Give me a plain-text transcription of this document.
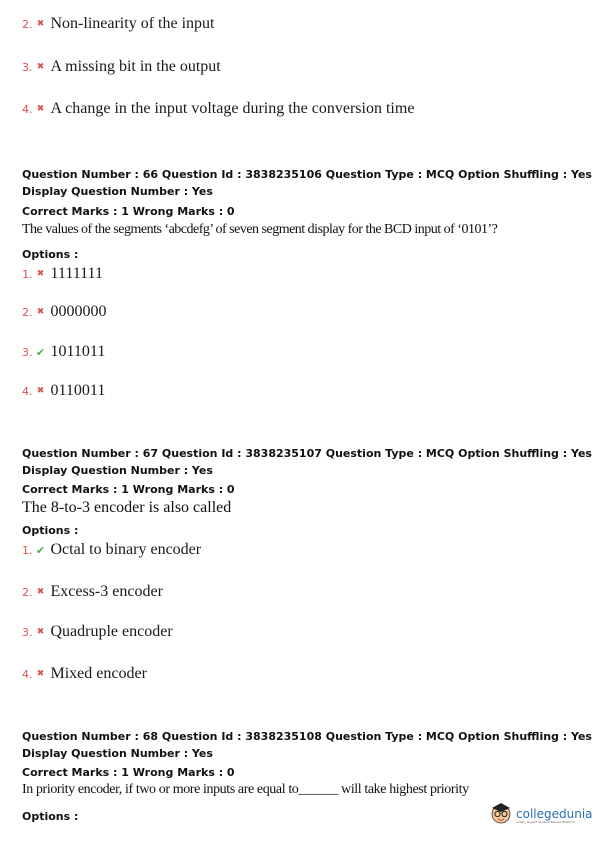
2. ✖ Non-linearity of the input
3. ✖ A missing bit in the output
4. ✖ A change in the input voltage during the conversion time
Question Number : 66 Question Id : 3838235106 Question Type : MCQ Option Shuffling : Yes
Display Question Number : Yes
Correct Marks : 1 Wrong Marks : 0
The values of the segments ‘abcdefg’ of seven segment display for the BCD input of ‘0101’?
Options :
1. ✖ 1111111
2. ✖ 0000000
3. ✔ 1011011
4. ✖ 0110011
Question Number : 67 Question Id : 3838235107 Question Type : MCQ Option Shuffling : Yes
Display Question Number : Yes
Correct Marks : 1 Wrong Marks : 0
The 8-to-3 encoder is also called
Options :
1. ✔ Octal to binary encoder
2. ✖ Excess-3 encoder
3. ✖ Quadruple encoder
4. ✖ Mixed encoder
Question Number : 68 Question Id : 3838235108 Question Type : MCQ Option Shuffling : Yes
Display Question Number : Yes
Correct Marks : 1 Wrong Marks : 0
In priority encoder, if two or more inputs are equal to______ will take highest priority
Options :	collegedunia
India's largest Student Review Platform
